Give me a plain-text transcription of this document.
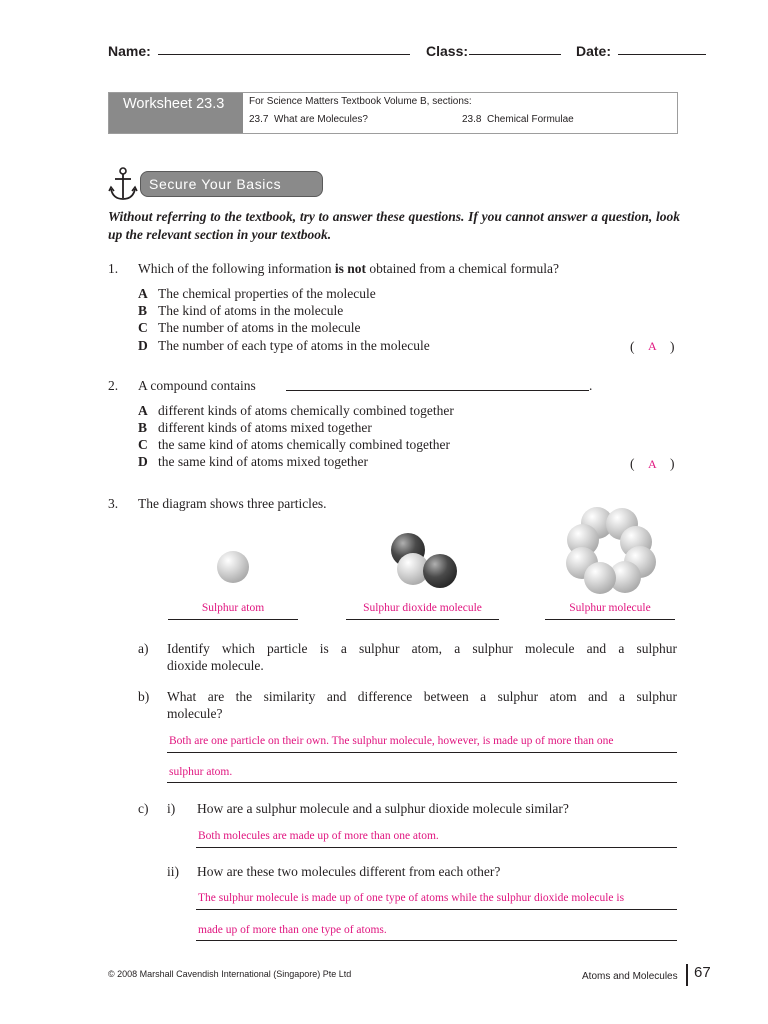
Name:	Class:	Date:
Worksheet 23.3	For Science Matters Textbook Volume B, sections:
23.7  What are Molecules?	23.8  Chemical Formulae
Secure Your Basics
Without referring to the textbook, try to answer these questions. If you cannot answer a question, look up the relevant section in your textbook.
1. Which of the following information is not obtained from a chemical formula?
A The chemical properties of the molecule
B The kind of atoms in the molecule
C The number of atoms in the molecule
D The number of each type of atoms in the molecule	( A )
2. A compound contains	.
A different kinds of atoms chemically combined together
B different kinds of atoms mixed together
C the same kind of atoms chemically combined together
D the same kind of atoms mixed together	( A )
3. The diagram shows three particles.
Sulphur atom	Sulphur dioxide molecule	Sulphur molecule
a) Identify which particle is a sulphur atom, a sulphur molecule and a sulphur
dioxide molecule.
b) What are the similarity and difference between a sulphur atom and a sulphur
molecule?
Both are one particle on their own. The sulphur molecule, however, is made up of more than one
sulphur atom.
c) i) How are a sulphur molecule and a sulphur dioxide molecule similar?
Both molecules are made up of more than one atom.
ii) How are these two molecules different from each other?
The sulphur molecule is made up of one type of atoms while the sulphur dioxide molecule is
made up of more than one type of atoms.
© 2008 Marshall Cavendish International (Singapore) Pte Ltd	Atoms and Molecules 67
